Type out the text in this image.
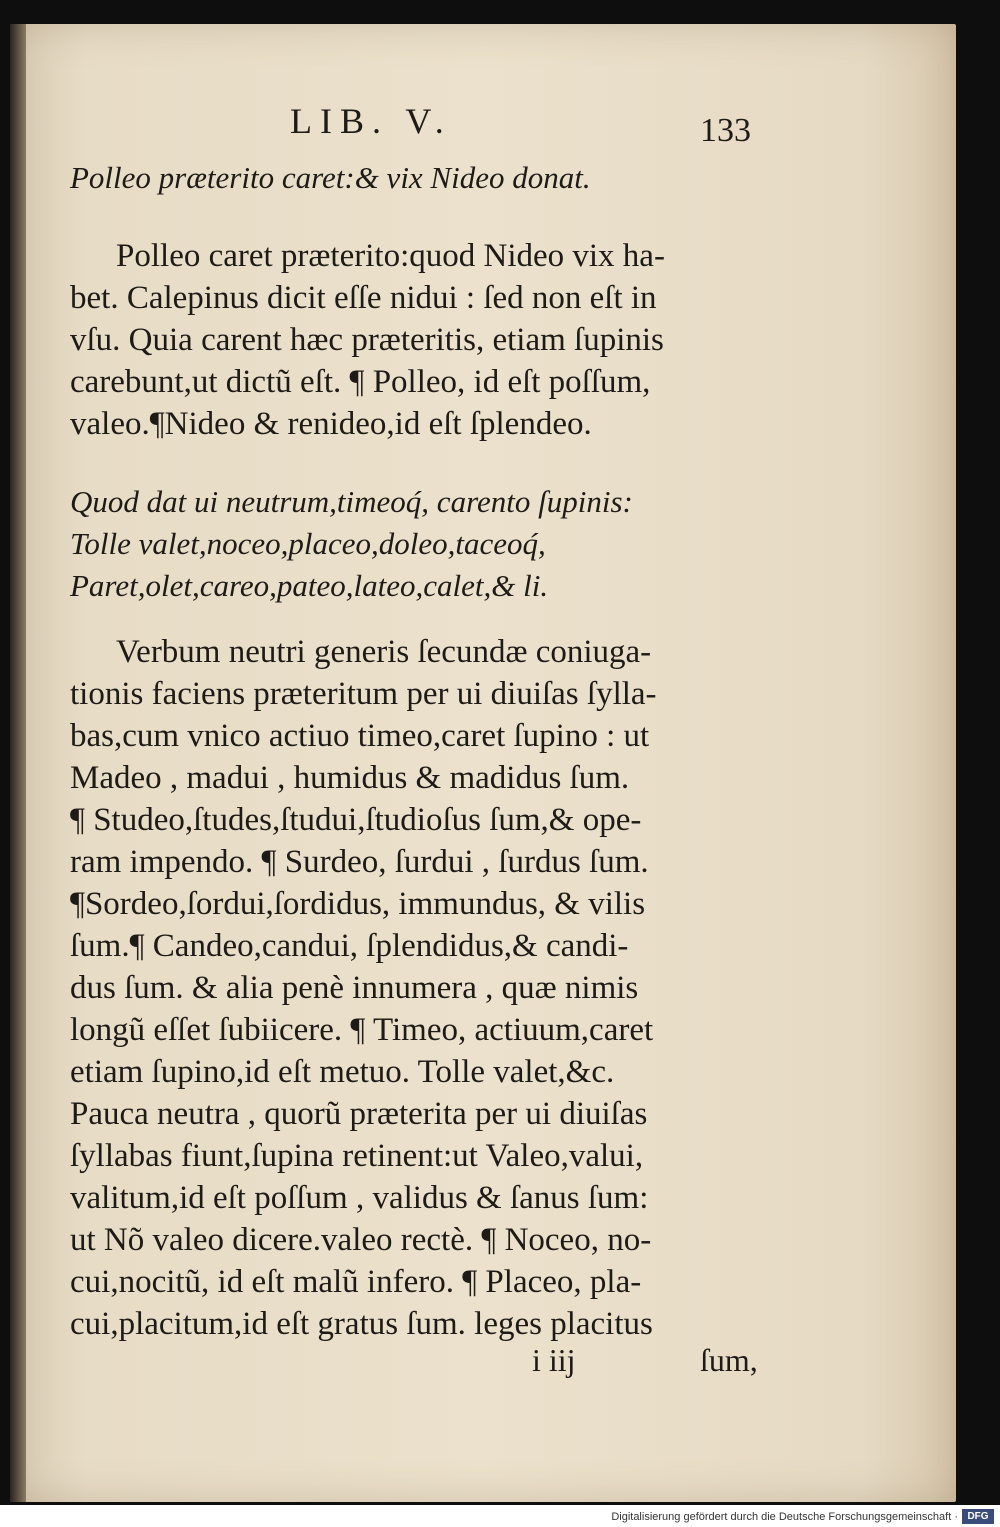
LIB. V.	133
Polleo præterito caret:& vix Nideo donat.
Polleo caret præterito:quod Nideo vix ha-
bet. Calepinus dicit eſſe nidui : ſed non eſt in
vſu. Quia carent hæc præteritis, etiam ſupinis
carebunt,ut dictũ eſt. ¶ Polleo, id eſt poſſum,
valeo.¶Nideo & renideo,id eſt ſplendeo.
Quod dat ui neutrum,timeoq́, carento ſupinis:
Tolle valet,noceo,placeo,doleo,taceoq́,
Paret,olet,careo,pateo,lateo,calet,& li.
Verbum neutri generis ſecundæ coniuga-
tionis faciens præteritum per ui diuiſas ſylla-
bas,cum vnico actiuo timeo,caret ſupino : ut
Madeo , madui , humidus & madidus ſum.
¶ Studeo,ſtudes,ſtudui,ſtudioſus ſum,& ope-
ram impendo. ¶ Surdeo, ſurdui , ſurdus ſum.
¶Sordeo,ſordui,ſordidus, immundus, & vilis
ſum.¶ Candeo,candui, ſplendidus,& candi-
dus ſum. & alia penè innumera , quæ nimis
longũ eſſet ſubiicere. ¶ Timeo, actiuum,caret
etiam ſupino,id eſt metuo. Tolle valet,&c.
Pauca neutra , quorũ præterita per ui diuiſas
ſyllabas fiunt,ſupina retinent:ut Valeo,valui,
valitum,id eſt poſſum , validus & ſanus ſum:
ut Nõ valeo dicere.valeo rectè. ¶ Noceo, no-
cui,nocitũ, id eſt malũ infero. ¶ Placeo, pla-
cui,placitum,id eſt gratus ſum. leges placitus
i iij	ſum,
Digitalisierung gefördert durch die Deutsche Forschungsgemeinschaft · DFG
